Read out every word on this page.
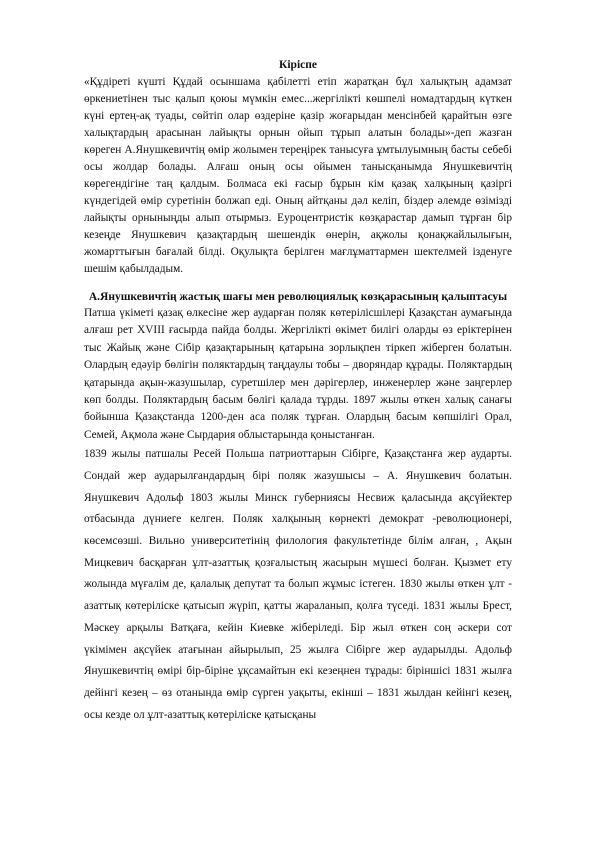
Кіріспе

«Құдіреті күшті Құдай осыншама қабілетті етіп жаратқан бұл халықтың адамзат өркениетінен тыс қалып қоюы мүмкін емес...жергілікті көшпелі номадтардың күткен күні ертең-ақ туады, сөйтіп олар өздеріне қазір жоғарыдан менсінбей қарайтын өзге халықтардың арасынан лайықты орнын ойып тұрып алатын болады»-деп жазған көреген А.Янушкевичтің өмір жолымен тереңірек танысуға ұмтылуымның басты себебі осы жолдар болады. Алғаш оның осы ойымен танысқанымда Янушкевичтің көрегендігіне таң қалдым. Болмаса екі ғасыр бұрын кім қазақ халқының қазіргі күндегідей өмір суретінін болжап еді. Оның айтқаны дәл келіп, біздер әлемде өзімізді лайықты орныныңды алып отырмыз. Еуроцентристік көзқарастар дамып тұрған бір кезеңде Янушкевич қазақтардың шешендік өнерін, ақжолы қонақжайлылығын, жомарттығын бағалай білді. Оқулықта берілген мағлұматтармен шектелмей ізденуге шешім қабылдадым.

А.Янушкевичтің жастық шағы мен революциялық көзқарасының қалыптасуы

Патша үкіметі қазақ өлкесіне жер аударған поляк көтерілісшілері Қазақстан аумағында алғаш рет XVIII ғасырда пайда болды. Жергілікті өкімет билігі оларды өз еріктерінен тыс Жайық және Сібір қазақтарының қатарына зорлықпен тіркеп жіберген болатын. Олардың едәуір бөлігін поляктардың таңдаулы тобы – дворяндар құрады. Поляктардың қатарында ақын-жазушылар, суретшілер мен дәрігерлер, инженерлер және заңгерлер көп болды. Поляктардың басым бөлігі қалада тұрды. 1897 жылы өткен халық санағы бойынша Қазақстанда 1200-ден аса поляк тұрған. Олардың басым көпшілігі Орал, Семей, Ақмола және Сырдария облыстарында қоныстанған.

1839 жылы патшалы Ресей Польша патриоттарын Сібірге, Қазақстанға жер аударты. Сондай жер аударылғандардың бірі поляк жазушысы – А. Янушкевич болатын. Янушкевич Адольф 1803 жылы Минск губерниясы Несвиж қаласында ақсүйектер отбасында дүниеге келген. Поляк халқының көрнекті демократ -революционері, көсемсөзші. Вильно университетінің филология факультетінде білім алған, , Ақын Мицкевич басқарған ұлт-азаттық қозғалыстың жасырын мүшесі болған. Қызмет ету жолында мүғалім де, қалалық депутат та болып жұмыс істеген. 1830 жылы өткен ұлт - азаттық көтеріліске қатысып жүріп, қатты жараланып, қолға түседі. 1831 жылы Брест, Мәскеу арқылы Ватқаға, кейін Киевке жіберіледі. Бір жыл өткен соң әскери сот үкімімен ақсүйек атағынан айырылып, 25 жылға Сібірге жер аударылды. Адольф Янушкевичтің өмірі бір-біріне ұқсамайтын екі кезеңнен тұрады: біріншісі 1831 жылға дейінгі кезең – өз отанында өмір сүрген уақыты, екінші – 1831 жылдан кейінгі кезең, осы кезде ол ұлт-азаттық көтеріліске қатысқаны
